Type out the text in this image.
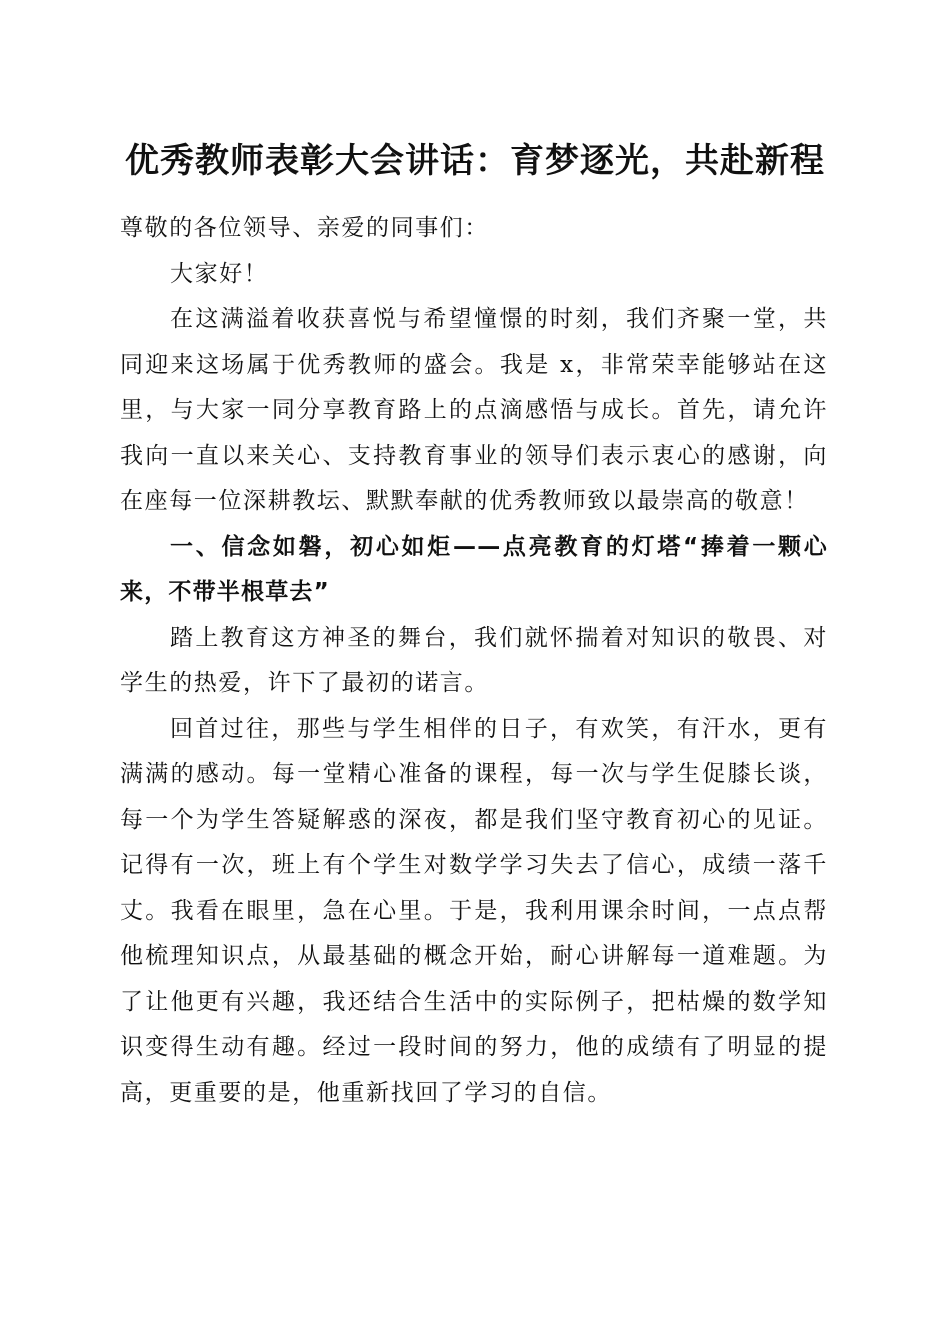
优秀教师表彰大会讲话：育梦逐光，共赴新程

尊敬的各位领导、亲爱的同事们：

大家好！

在这满溢着收获喜悦与希望憧憬的时刻，我们齐聚一堂，共同迎来这场属于优秀教师的盛会。我是 x，非常荣幸能够站在这里，与大家一同分享教育路上的点滴感悟与成长。首先，请允许我向一直以来关心、支持教育事业的领导们表示衷心的感谢，向在座每一位深耕教坛、默默奉献的优秀教师致以最崇高的敬意！

一、信念如磐，初心如炬——点亮教育的灯塔“捧着一颗心来，不带半根草去”

踏上教育这方神圣的舞台，我们就怀揣着对知识的敬畏、对学生的热爱，许下了最初的诺言。

回首过往，那些与学生相伴的日子，有欢笑，有汗水，更有满满的感动。每一堂精心准备的课程，每一次与学生促膝长谈，每一个为学生答疑解惑的深夜，都是我们坚守教育初心的见证。记得有一次，班上有个学生对数学学习失去了信心，成绩一落千丈。我看在眼里，急在心里。于是，我利用课余时间，一点点帮他梳理知识点，从最基础的概念开始，耐心讲解每一道难题。为了让他更有兴趣，我还结合生活中的实际例子，把枯燥的数学知识变得生动有趣。经过一段时间的努力，他的成绩有了明显的提高，更重要的是，他重新找回了学习的自信。
